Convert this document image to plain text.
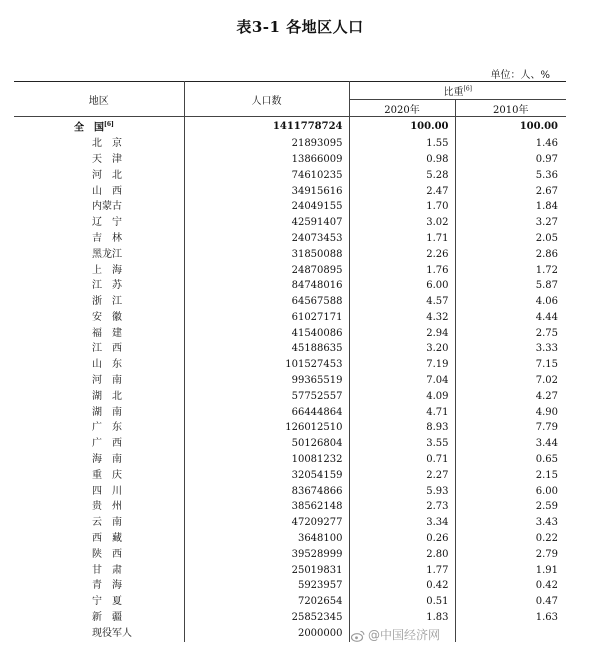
表3-1 各地区人口
单位：人、%
地区	人口数	比重[6]
		2020年	2010年
全　国[6]	1411778724	100.00	100.00
北　京	21893095	1.55	1.46
天　津	13866009	0.98	0.97
河　北	74610235	5.28	5.36
山　西	34915616	2.47	2.67
内蒙古	24049155	1.70	1.84
辽　宁	42591407	3.02	3.27
吉　林	24073453	1.71	2.05
黑龙江	31850088	2.26	2.86
上　海	24870895	1.76	1.72
江　苏	84748016	6.00	5.87
浙　江	64567588	4.57	4.06
安　徽	61027171	4.32	4.44
福　建	41540086	2.94	2.75
江　西	45188635	3.20	3.33
山　东	101527453	7.19	7.15
河　南	99365519	7.04	7.02
湖　北	57752557	4.09	4.27
湖　南	66444864	4.71	4.90
广　东	126012510	8.93	7.79
广　西	50126804	3.55	3.44
海　南	10081232	0.71	0.65
重　庆	32054159	2.27	2.15
四　川	83674866	5.93	6.00
贵　州	38562148	2.73	2.59
云　南	47209277	3.34	3.43
西　藏	3648100	0.26	0.22
陕　西	39528999	2.80	2.79
甘　肃	25019831	1.77	1.91
青　海	5923957	0.42	0.42
宁　夏	7202654	0.51	0.47
新　疆	25852345	1.83	1.63
现役军人	2000000			@中国经济网
